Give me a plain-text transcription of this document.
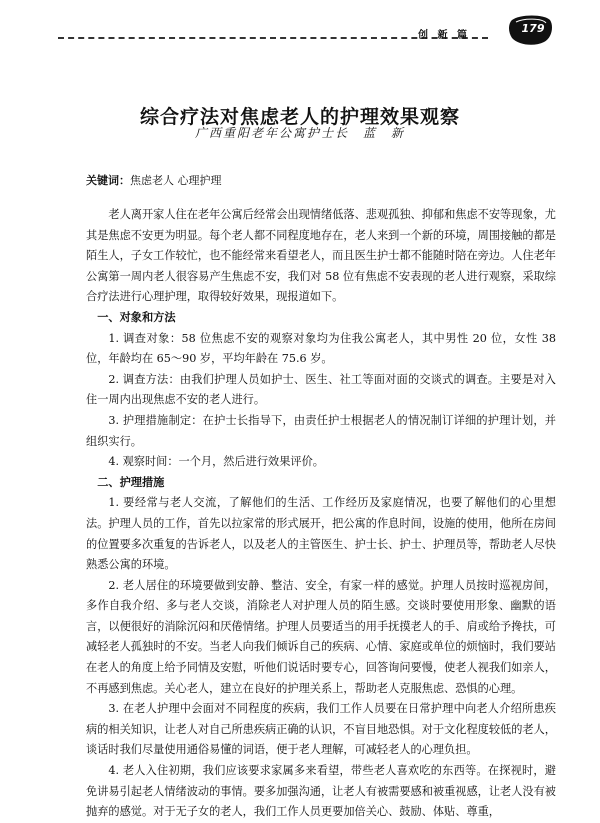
创 新 篇
179
综合疗法对焦虑老人的护理效果观察
广西重阳老年公寓护士长　蓝　新
关键词：焦虑老人 心理护理

老人离开家人住在老年公寓后经常会出现情绪低落、悲观孤独、抑郁和焦虑不安等现象，尤其是焦虑不安更为明显。每个老人都不同程度地存在，老人来到一个新的环境，周围接触的都是陌生人，子女工作较忙，也不能经常来看望老人，而且医生护士都不能随时陪在旁边。人住老年公寓第一周内老人很容易产生焦虑不安，我们对 58 位有焦虑不安表现的老人进行观察，采取综合疗法进行心理护理，取得较好效果，现报道如下。

一、对象和方法

1. 调查对象：58 位焦虑不安的观察对象均为住我公寓老人，其中男性 20 位，女性 38 位，年龄均在 65～90 岁，平均年龄在 75.6 岁。

2. 调查方法：由我们护理人员如护士、医生、社工等面对面的交谈式的调查。主要是对入住一周内出现焦虑不安的老人进行。

3. 护理措施制定：在护士长指导下，由责任护士根据老人的情况制订详细的护理计划，并组织实行。

4. 观察时间：一个月，然后进行效果评价。

二、护理措施

1. 要经常与老人交流，了解他们的生活、工作经历及家庭情况，也要了解他们的心里想法。护理人员的工作，首先以拉家常的形式展开，把公寓的作息时间，设施的使用，他所在房间的位置要多次重复的告诉老人，以及老人的主管医生、护士长、护士、护理员等，帮助老人尽快熟悉公寓的环境。

2. 老人居住的环境要做到安静、整洁、安全，有家一样的感觉。护理人员按时巡视房间，多作自我介绍、多与老人交谈，消除老人对护理人员的陌生感。交谈时要使用形象、幽默的语言，以便很好的消除沉闷和厌倦情绪。护理人员要适当的用手抚摸老人的手、肩或给予搀扶，可减轻老人孤独时的不安。当老人向我们倾诉自己的疾病、心情、家庭或单位的烦恼时，我们要站在老人的角度上给予同情及安慰，听他们说话时要专心，回答询问要慢，使老人视我们如亲人，不再感到焦虑。关心老人，建立在良好的护理关系上，帮助老人克服焦虑、恐惧的心理。

3. 在老人护理中会面对不同程度的疾病，我们工作人员要在日常护理中向老人介绍所患疾病的相关知识，让老人对自己所患疾病正确的认识，不盲目地恐惧。对于文化程度较低的老人，谈话时我们尽量使用通俗易懂的词语，便于老人理解，可减轻老人的心理负担。

4. 老人入住初期，我们应该要求家属多来看望，带些老人喜欢吃的东西等。在探视时，避免讲易引起老人情绪波动的事情。要多加强沟通，让老人有被需要感和被重视感，让老人没有被抛弃的感觉。对于无子女的老人，我们工作人员更要加倍关心、鼓励、体贴、尊重，
